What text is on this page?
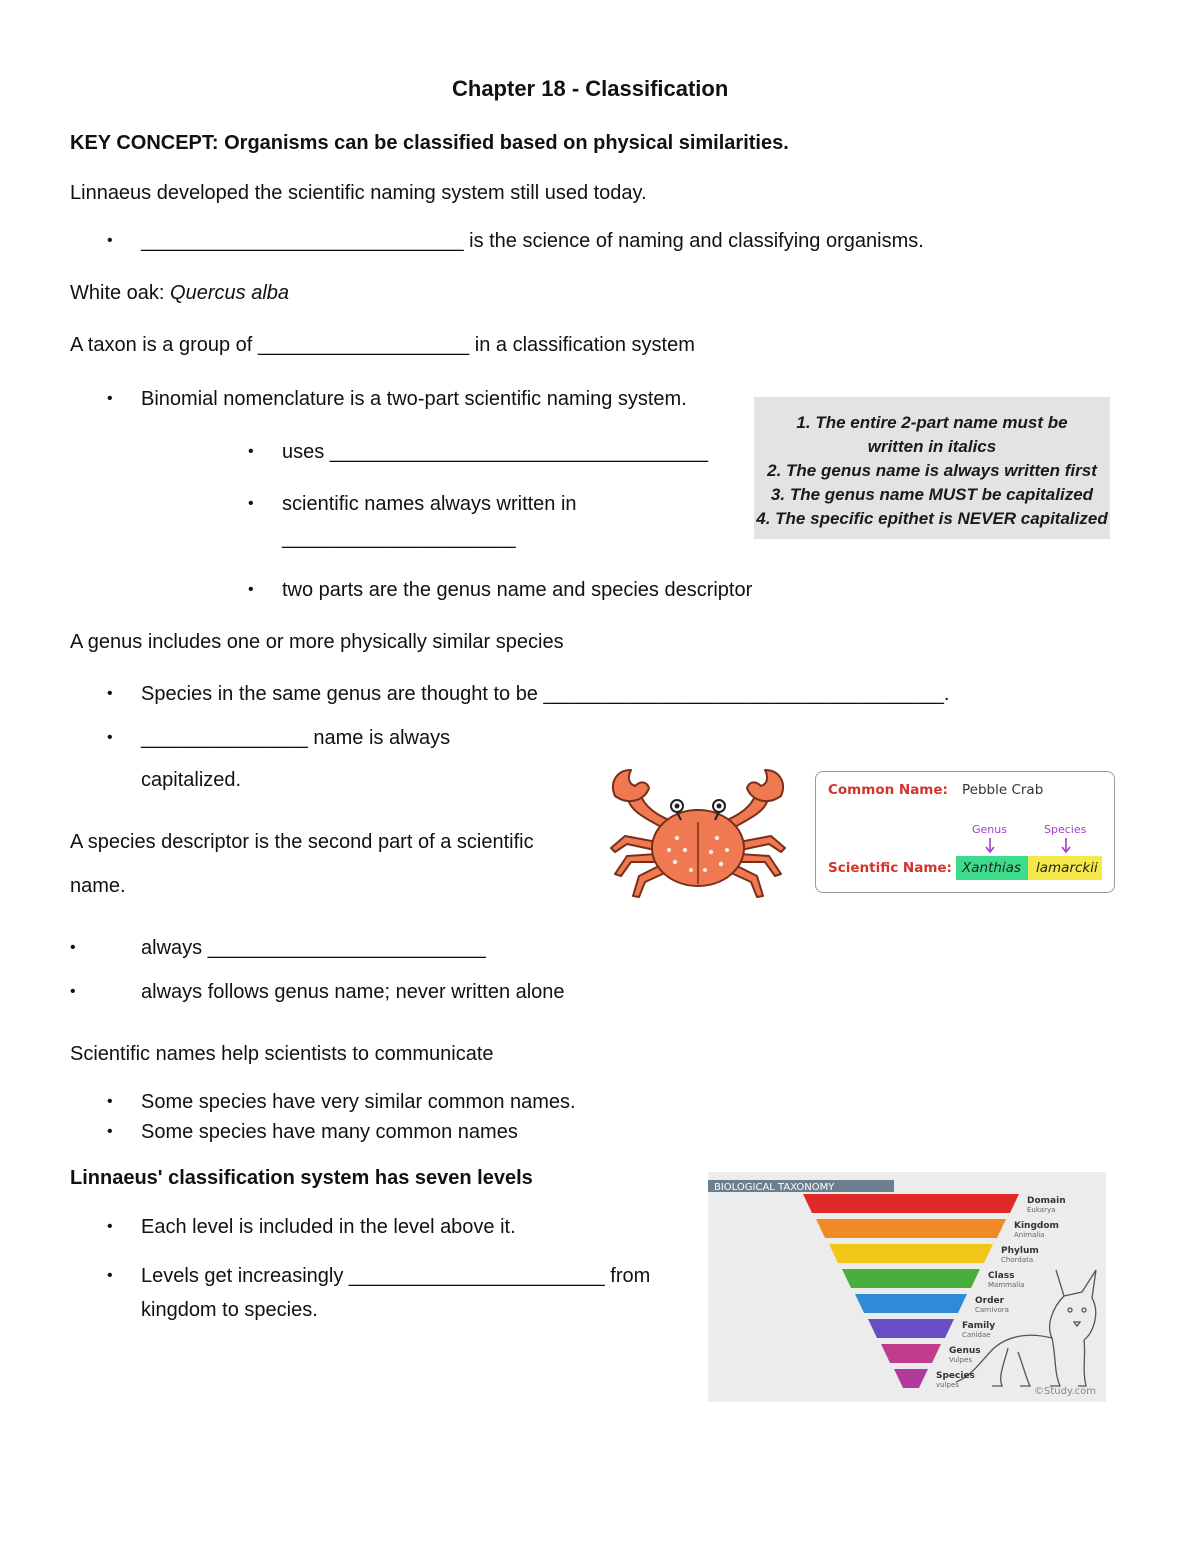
Chapter 18 - Classification
KEY CONCEPT: Organisms can be classified based on physical similarities.
Linnaeus developed the scientific naming system still used today.
• _____________________________ is the science of naming and classifying organisms.
White oak: Quercus alba
A taxon is a group of ___________________ in a classification system
• Binomial nomenclature is a two-part scientific naming system.
• uses __________________________________
• scientific names always written in
_____________________
• two parts are the genus name and species descriptor
1. The entire 2-part name must be
written in italics
2. The genus name is always written first
3. The genus name MUST be capitalized
4. The specific epithet is NEVER capitalized
A genus includes one or more physically similar species
• Species in the same genus are thought to be ____________________________________.
• _______________ name is always
capitalized.	Common Name: Pebble Crab
Genus	Species
Scientific Name: Xanthias lamarckii
A species descriptor is the second part of a scientific
name.
•	always _________________________
•	always follows genus name; never written alone
Scientific names help scientists to communicate
• Some species have very similar common names.
• Some species have many common names
Linnaeus' classification system has seven levels
• Each level is included in the level above it.
• Levels get increasingly _______________________ from
kingdom to species.
BIOLOGICAL TAXONOMY
©Study.com
Domain
Eukarya
Kingdom
Animalia
Phylum
Chordata
Class
Mammalia
Order
Carnivora
Family
Canidae
Genus
Vulpes
Species
vulpes
